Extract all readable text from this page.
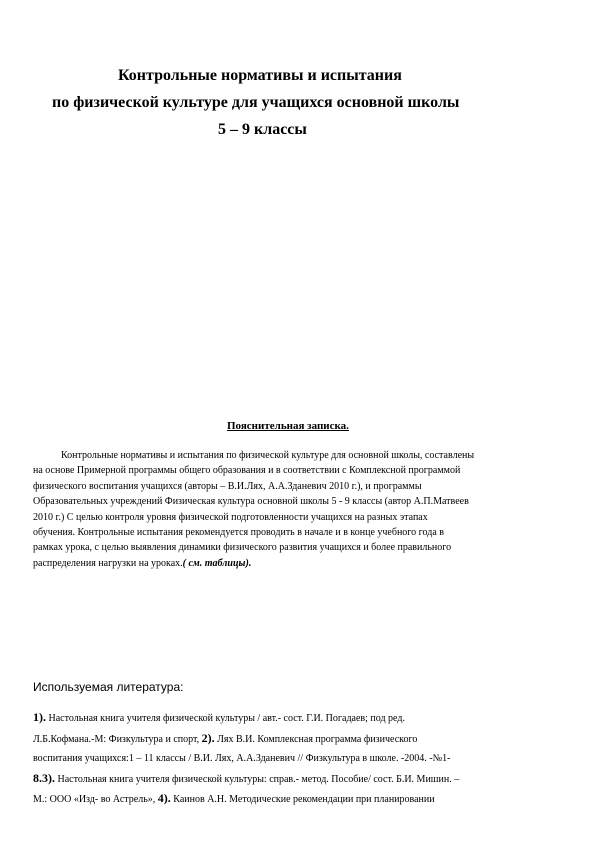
Контрольные нормативы и испытания
по физической культуре для учащихся основной школы
5 – 9 классы
Пояснительная записка.
Контрольные нормативы и испытания по физической культуре для основной школы, составлены
на основе Примерной программы общего образования и в соответствии с Комплексной программой
физического воспитания учащихся (авторы – В.И.Лях, А.А.Зданевич 2010 г.), и программы
Образовательных учреждений Физическая культура основной школы 5 - 9 классы (автор А.П.Матвеев
2010 г.) С целью контроля уровня физической подготовленности учащихся на разных этапах
обучения. Контрольные испытания рекомендуется проводить в начале и в конце учебного года в
рамках урока, с целью выявления динамики физического развития учащихся и более правильного
распределения нагрузки на уроках.( см. таблицы).
Используемая литература:
1). Настольная книга учителя физической культуры / авт.- сост. Г.И. Погадаев; под ред.
Л.Б.Кофмана.-М: Физкультура и спорт, 2). Лях В.И. Комплексная программа физического
воспитания учащихся:1 – 11 классы / В.И. Лях, А.А.Зданевич // Физкультура в школе. -2004. -№1-
8.3). Настольная книга учителя физической культуры: справ.- метод. Пособие/ сост. Б.И. Мишин. –
М.: ООО «Изд- во Астрель», 4). Каинов А.Н. Методические рекомендации при планировании
